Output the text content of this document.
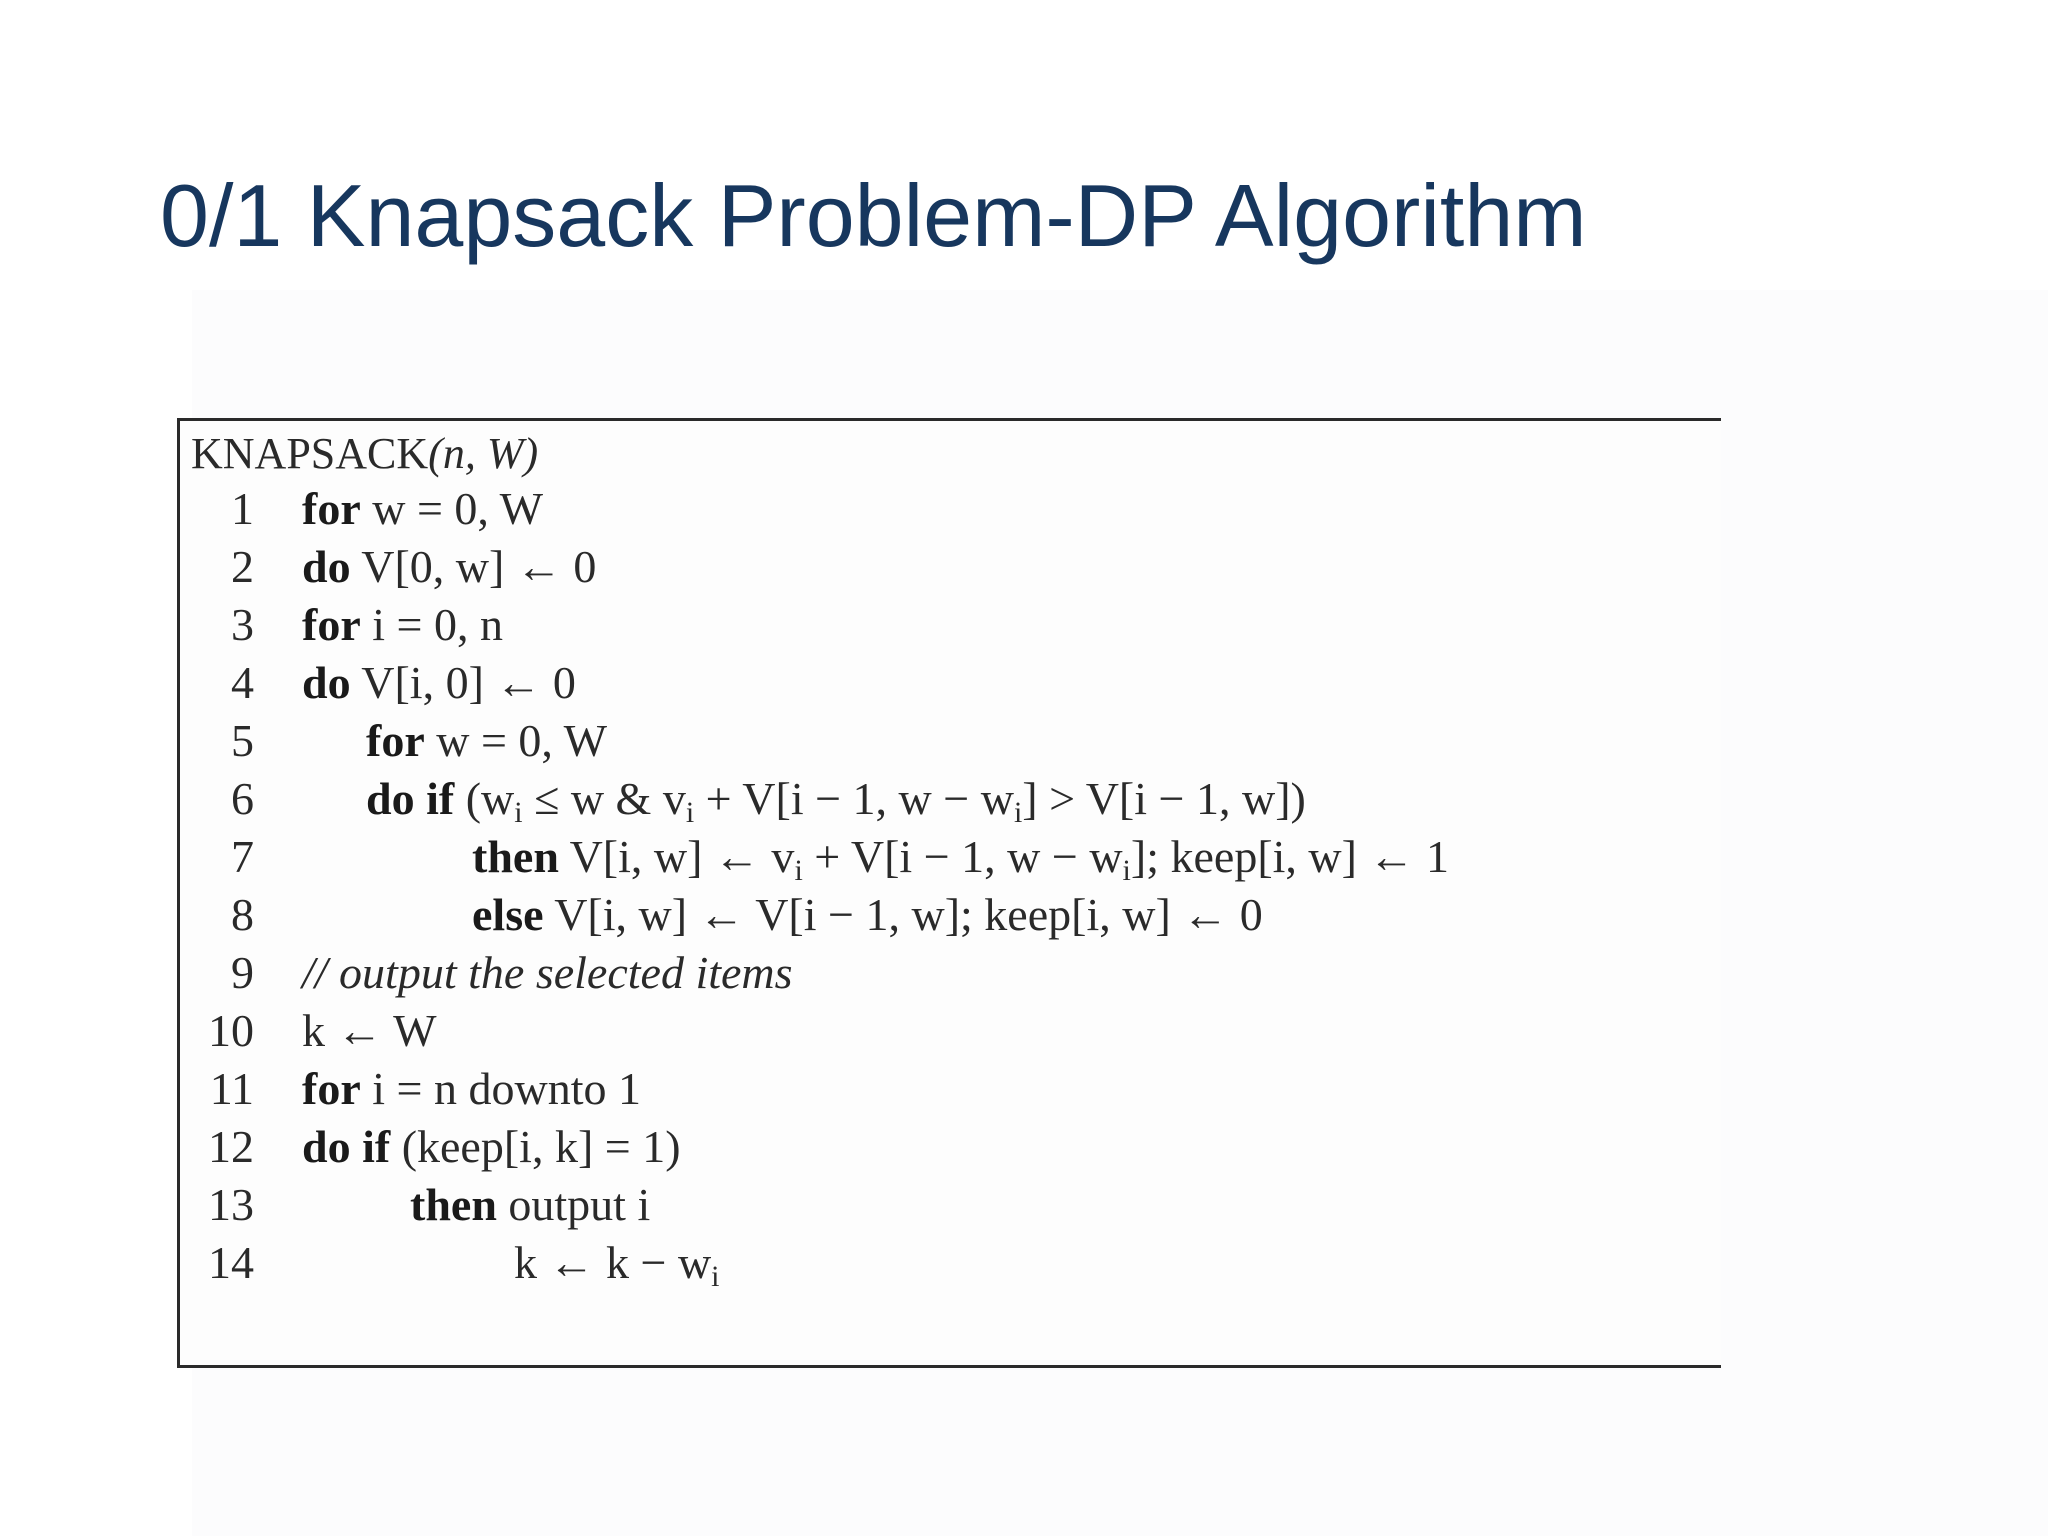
0/1 Knapsack Problem-DP Algorithm
KNAPSACK(n, W)
1 for w = 0, W
2 do V[0, w] ← 0
3 for i = 0, n
4 do V[i, 0] ← 0
5 for w = 0, W
6 do if ($w_i \le w$ & $v_i + V[i - 1$, $w - w_i] > V[i - 1$, w])
7	then V[i, w] ← $v_i + V[i - 1$, $w - w_i$]; keep[i, w] ← 1
8	else V[i, w] ← V[i − 1, w]; keep[i, w] ← 0
9 // output the selected items
10 k ← W
11 for i = n downto 1
12 do if (keep[i, k] = 1)
13	then output i
14	k ← $k - w_i$
